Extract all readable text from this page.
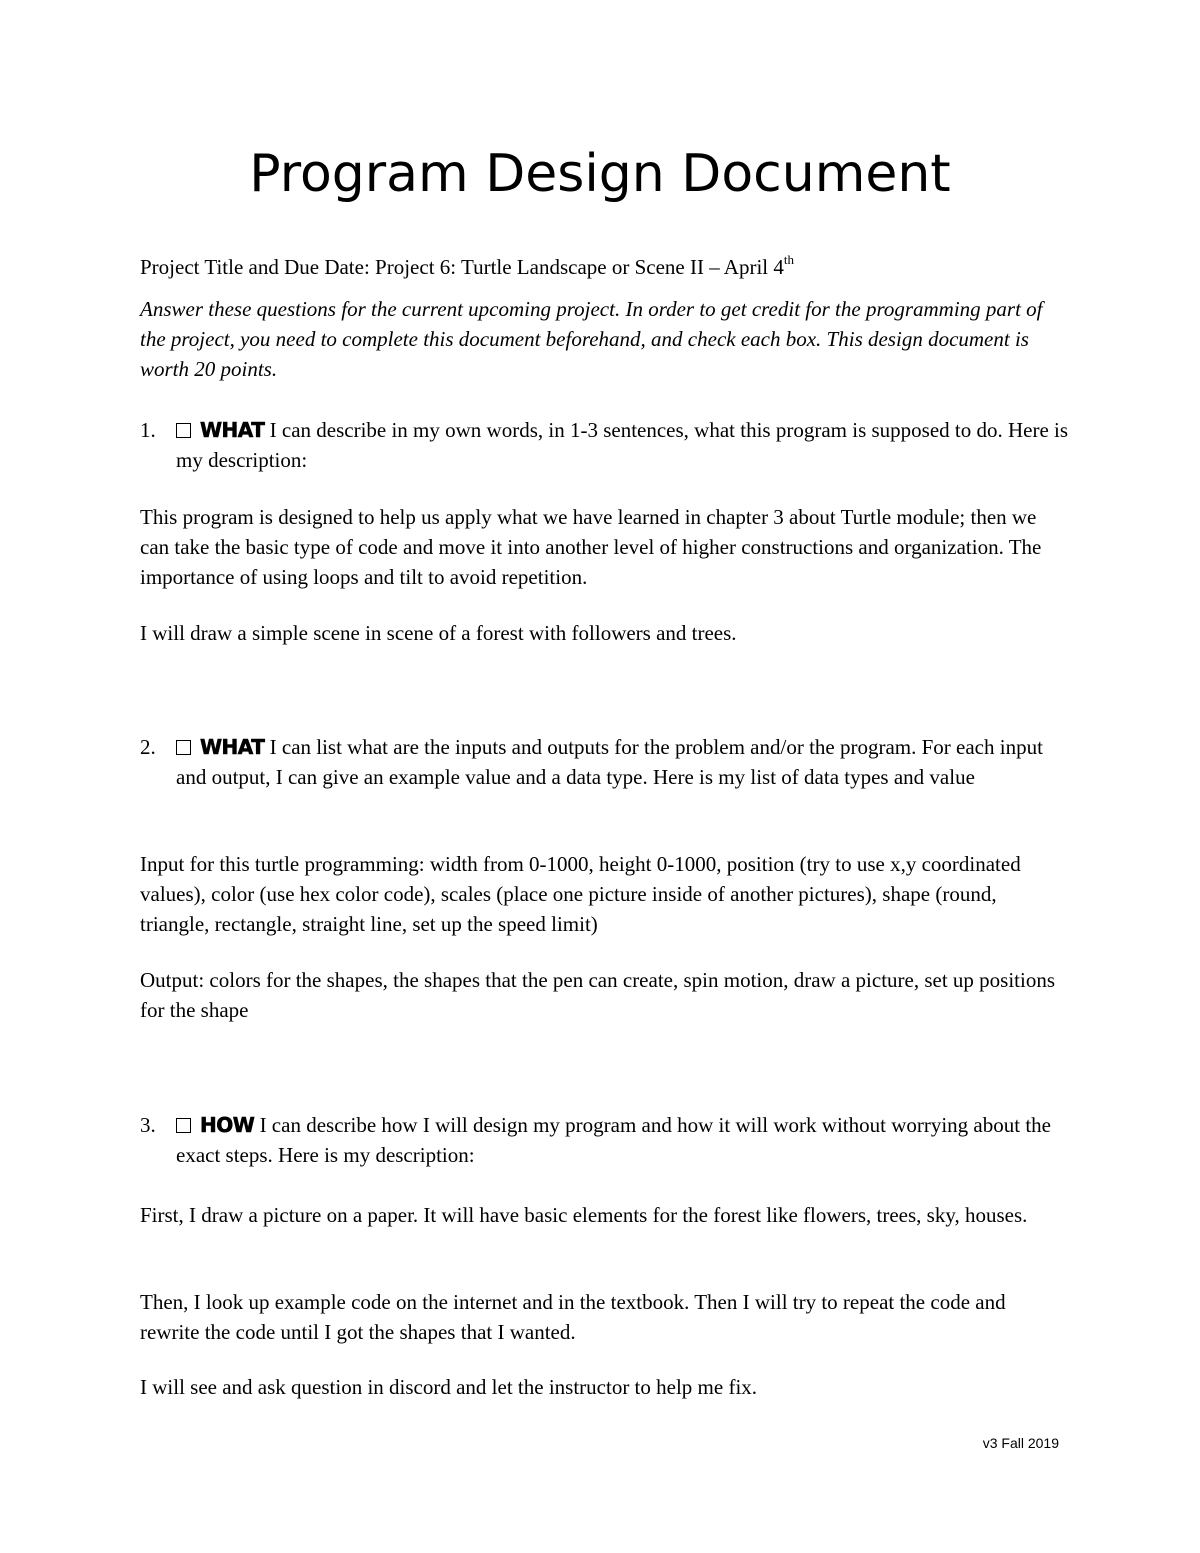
Program Design Document

Project Title and Due Date: Project 6: Turtle Landscape or Scene II – April 4th

Answer these questions for the current upcoming project. In order to get credit for the programming part of the project, you need to complete this document beforehand, and check each box. This design document is worth 20 points.

1.	WHAT I can describe in my own words, in 1-3 sentences, what this program is supposed to do. Here is my description:

This program is designed to help us apply what we have learned in chapter 3 about Turtle module; then we can take the basic type of code and move it into another level of higher constructions and organization. The importance of using loops and tilt to avoid repetition.

I will draw a simple scene in scene of a forest with followers and trees.

2.	WHAT I can list what are the inputs and outputs for the problem and/or the program. For each input and output, I can give an example value and a data type. Here is my list of data types and value

Input for this turtle programming: width from 0-1000, height 0-1000, position (try to use x,y coordinated values), color (use hex color code), scales (place one picture inside of another pictures), shape (round, triangle, rectangle, straight line, set up the speed limit)

Output: colors for the shapes, the shapes that the pen can create, spin motion, draw a picture, set up positions for the shape

3.	HOW I can describe how I will design my program and how it will work without worrying about the exact steps. Here is my description:

First, I draw a picture on a paper. It will have basic elements for the forest like flowers, trees, sky, houses.

Then, I look up example code on the internet and in the textbook. Then I will try to repeat the code and rewrite the code until I got the shapes that I wanted.

I will see and ask question in discord and let the instructor to help me fix.

v3 Fall 2019
